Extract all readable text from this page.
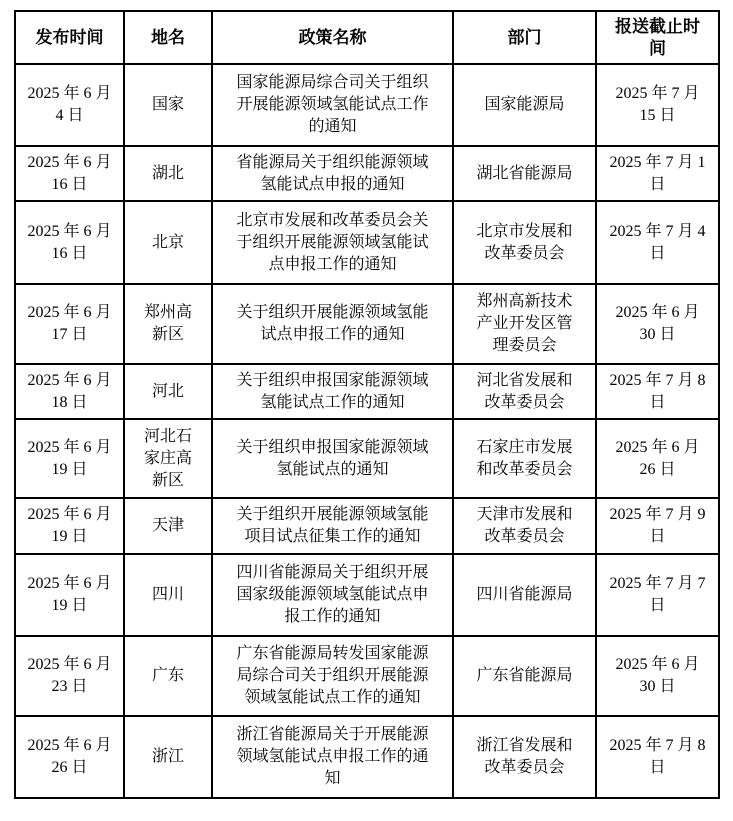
发布时间	地名	政策名称	部门	报送截止时间
2025 年 6 月 4 日	国家	国家能源局综合司关于组织开展能源领域氢能试点工作的通知	国家能源局	2025 年 7 月 15 日
2025 年 6 月 16 日	湖北	省能源局关于组织能源领域氢能试点申报的通知	湖北省能源局	2025 年 7 月 1 日
2025 年 6 月 16 日	北京	北京市发展和改革委员会关于组织开展能源领域氢能试点申报工作的通知	北京市发展和改革委员会	2025 年 7 月 4 日
2025 年 6 月 17 日	郑州高新区	关于组织开展能源领域氢能试点申报工作的通知	郑州高新技术产业开发区管理委员会	2025 年 6 月 30 日
2025 年 6 月 18 日	河北	关于组织申报国家能源领域氢能试点工作的通知	河北省发展和改革委员会	2025 年 7 月 8 日
2025 年 6 月 19 日	河北石家庄高新区	关于组织申报国家能源领域氢能试点的通知	石家庄市发展和改革委员会	2025 年 6 月 26 日
2025 年 6 月 19 日	天津	关于组织开展能源领域氢能项目试点征集工作的通知	天津市发展和改革委员会	2025 年 7 月 9 日
2025 年 6 月 19 日	四川	四川省能源局关于组织开展国家级能源领域氢能试点申报工作的通知	四川省能源局	2025 年 7 月 7 日
2025 年 6 月 23 日	广东	广东省能源局转发国家能源局综合司关于组织开展能源领域氢能试点工作的通知	广东省能源局	2025 年 6 月 30 日
2025 年 6 月 26 日	浙江	浙江省能源局关于开展能源领域氢能试点申报工作的通知	浙江省发展和改革委员会	2025 年 7 月 8 日
